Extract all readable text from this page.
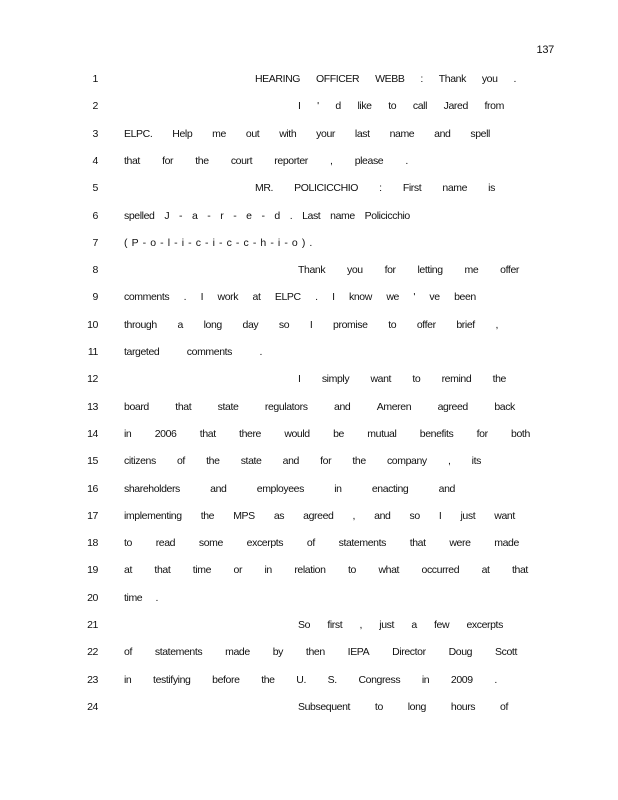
137
1	HEARING OFFICER WEBB : Thank you .
2	I ' d like to call Jared from
3 ELPC. Help me out with your last name and spell
4 that for the court reporter , please .
5	MR. POLICICCHIO : First name is
6 spelled J - a - r - e - d . Last name Policicchio
7 ( P - o - l - i - c - i - c - c - h - i - o ) .
8	Thank you for letting me offer
9 comments . I work at ELPC . I know we ' ve been
10 through a long day so I promise to offer brief ,
11 targeted	comments	.
12	I simply want to remind the
13 board	that	state	regulators	and	Ameren	agreed	back
14 in 2006 that there would be mutual benefits for both
15 citizens of the state and for the company , its
16 shareholders	and	employees	in	enacting	and
17 implementing the MPS as agreed , and so I just want
18 to read some excerpts of statements that were made
19 at that time or in relation to what occurred at that
20 time .
21	So first , just a few excerpts
22 of statements made by then IEPA Director Doug Scott
23 in testifying before the U. S. Congress in 2009 .
24	Subsequent to long hours of
